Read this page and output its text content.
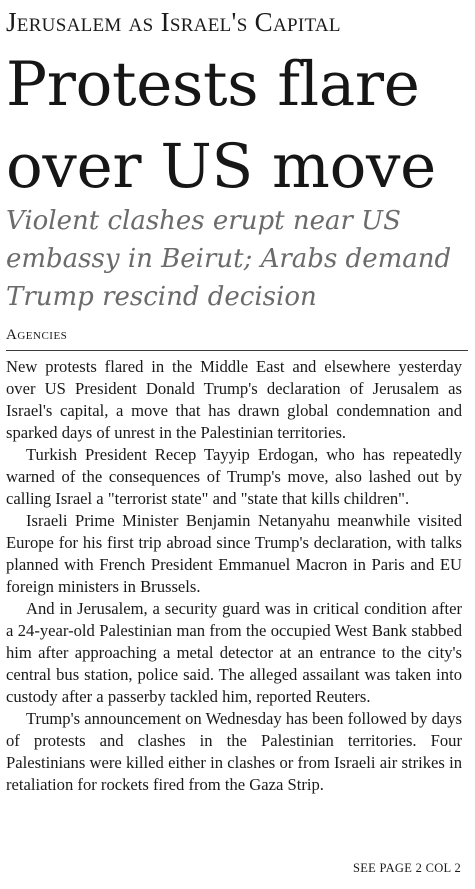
Jerusalem as Israel's Capital
Protests flare
over US move
Violent clashes erupt near US
embassy in Beirut; Arabs demand
Trump rescind decision
Agencies

New protests flared in the Middle East and elsewhere yesterday over US President Donald Trump's declaration of Jerusalem as Israel's capital, a move that has drawn global condemnation and sparked days of unrest in the Palestinian territories.

Turkish President Recep Tayyip Erdogan, who has repeatedly warned of the consequences of Trump's move, also lashed out by calling Israel a "terrorist state" and "state that kills children".

Israeli Prime Minister Benjamin Netanyahu meanwhile visited Europe for his first trip abroad since Trump's declaration, with talks planned with French President Emmanuel Macron in Paris and EU foreign ministers in Brussels.

And in Jerusalem, a security guard was in critical condition after a 24-year-old Palestinian man from the occupied West Bank stabbed him after approaching a metal detector at an entrance to the city's central bus station, police said. The alleged assailant was taken into custody after a passerby tackled him, reported Reuters.

Trump's announcement on Wednesday has been followed by days of protests and clashes in the Palestinian territories. Four Palestinians were killed either in clashes or from Israeli air strikes in retaliation for rockets fired from the Gaza Strip.

SEE PAGE 2 COL 2
